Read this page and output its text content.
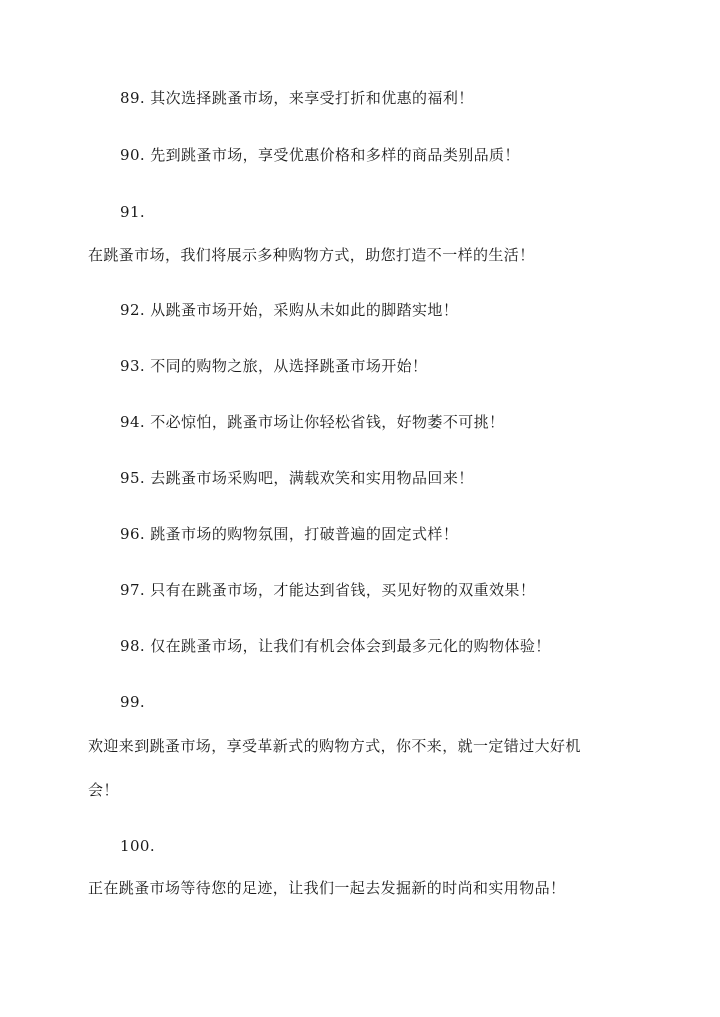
89. 其次选择跳蚤市场，来享受打折和优惠的福利！
90. 先到跳蚤市场，享受优惠价格和多样的商品类别品质！
91.
在跳蚤市场，我们将展示多种购物方式，助您打造不一样的生活！
92. 从跳蚤市场开始，采购从未如此的脚踏实地！
93. 不同的购物之旅，从选择跳蚤市场开始！
94. 不必惊怕，跳蚤市场让你轻松省钱，好物萎不可挑！
95. 去跳蚤市场采购吧，满载欢笑和实用物品回来！
96. 跳蚤市场的购物氛围，打破普遍的固定式样！
97. 只有在跳蚤市场，才能达到省钱，买见好物的双重效果！
98. 仅在跳蚤市场，让我们有机会体会到最多元化的购物体验！
99.
欢迎来到跳蚤市场，享受革新式的购物方式，你不来，就一定错过大好机
会！
100.
正在跳蚤市场等待您的足迹，让我们一起去发掘新的时尚和实用物品！
